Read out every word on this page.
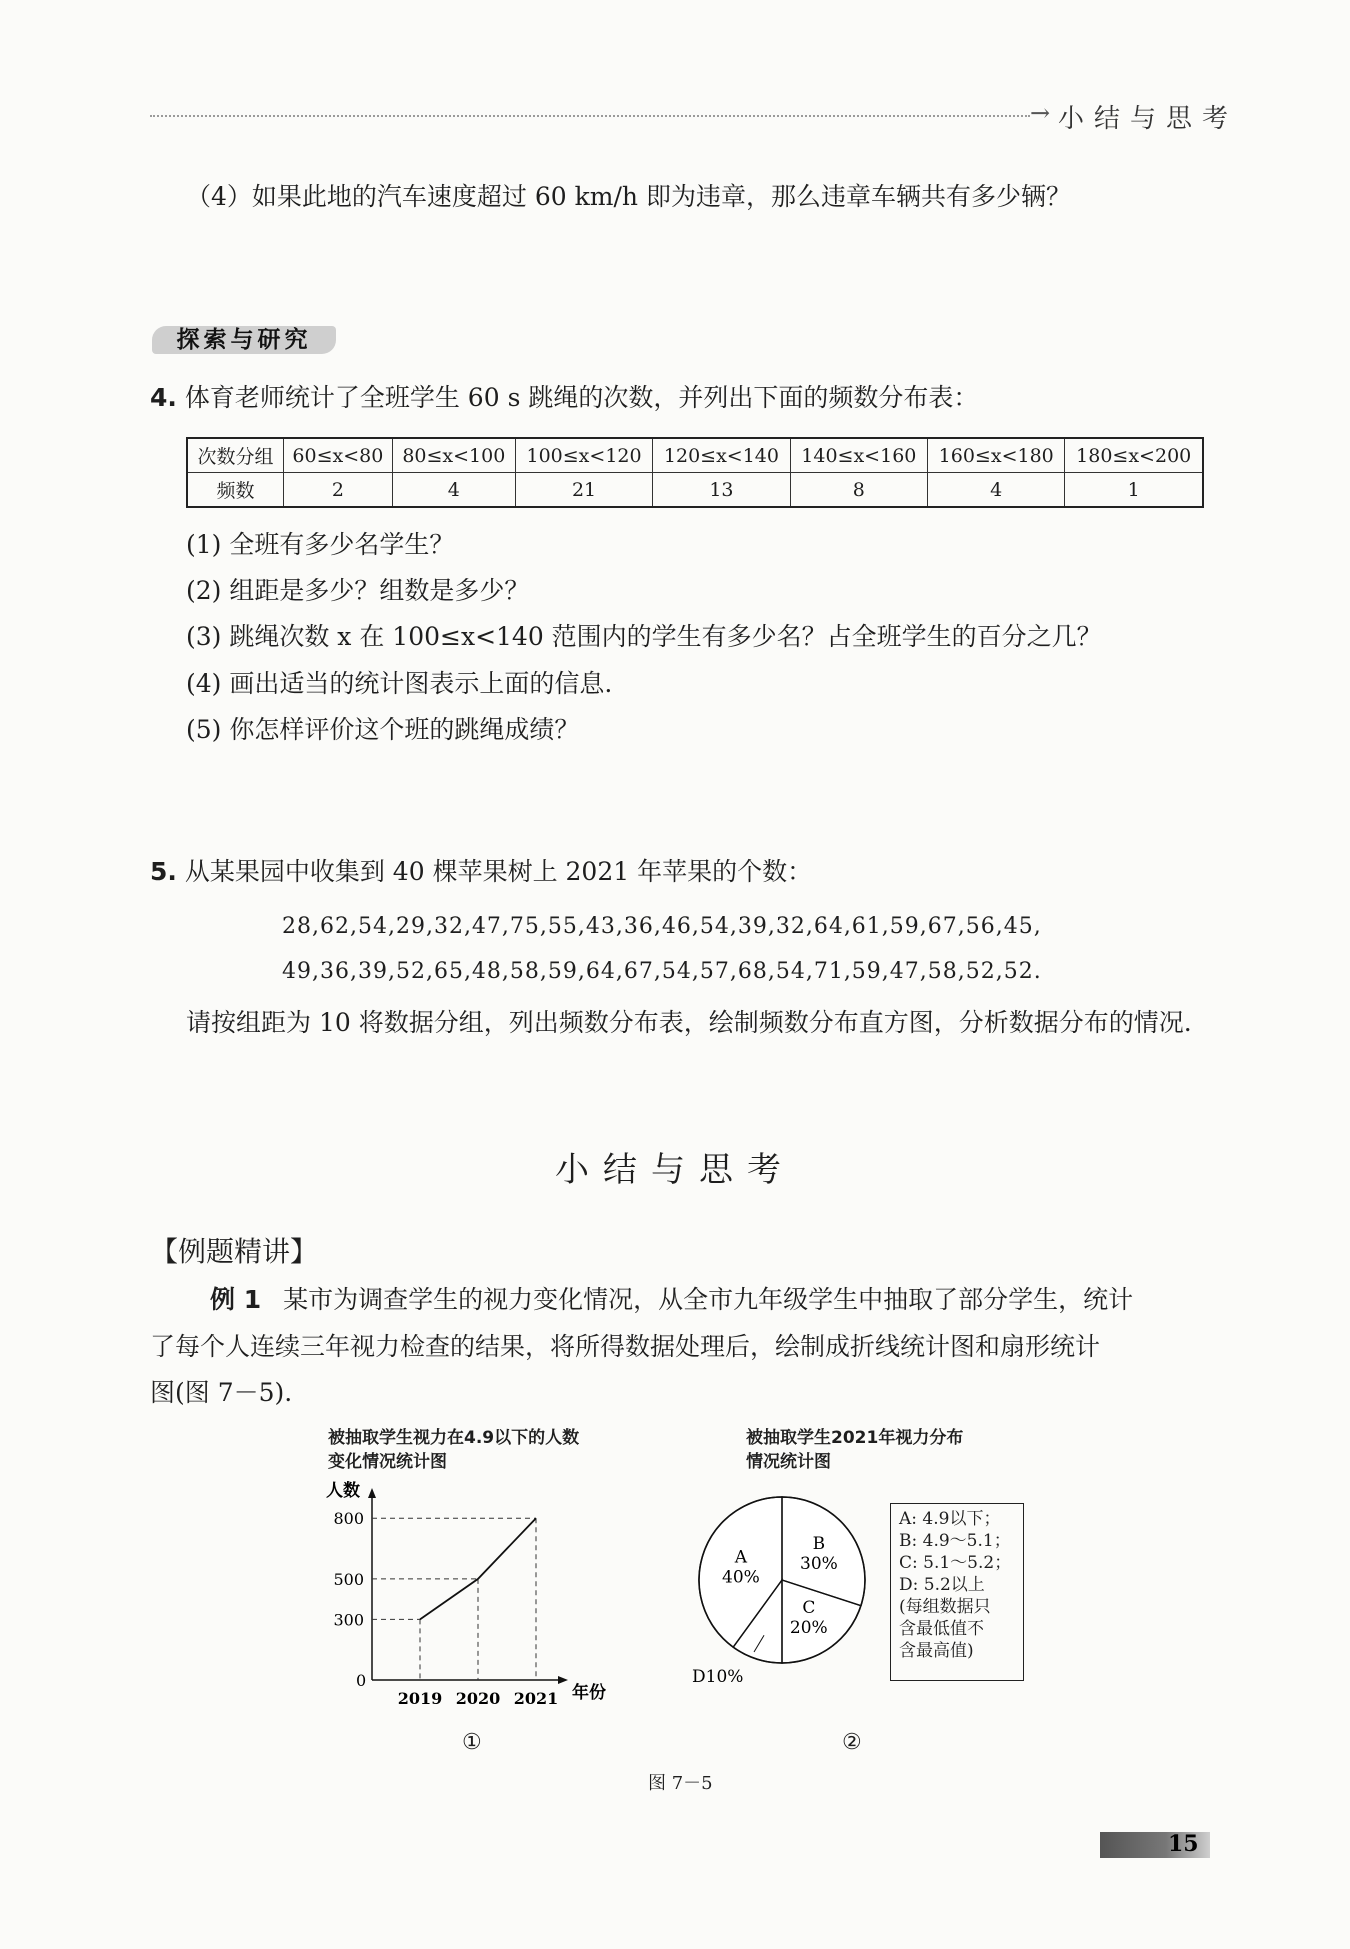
→ 小结与思考
（4）如果此地的汽车速度超过 60 km/h 即为违章，那么违章车辆共有多少辆？
探索与研究
4. 体育老师统计了全班学生 60 s 跳绳的次数，并列出下面的频数分布表：
次数分组	60≤x<80	80≤x<100	100≤x<120	120≤x<140	140≤x<160	160≤x<180	180≤x<200
频数	2	4	21	13	8	4	1
(1) 全班有多少名学生？
(2) 组距是多少？组数是多少？
(3) 跳绳次数 x 在 100≤x<140 范围内的学生有多少名？占全班学生的百分之几？
(4) 画出适当的统计图表示上面的信息.
(5) 你怎样评价这个班的跳绳成绩？
5. 从某果园中收集到 40 棵苹果树上 2021 年苹果的个数：
28,62,54,29,32,47,75,55,43,36,46,54,39,32,64,61,59,67,56,45,
49,36,39,52,65,48,58,59,64,67,54,57,68,54,71,59,47,58,52,52.
请按组距为 10 将数据分组，列出频数分布表，绘制频数分布直方图，分析数据分布的情况.
小结与思考
【例题精讲】
例 1 某市为调查学生的视力变化情况，从全市九年级学生中抽取了部分学生，统计
了每个人连续三年视力检查的结果，将所得数据处理后，绘制成折线统计图和扇形统计
图(图 7－5).
被抽取学生视力在4.9以下的人数
变化情况统计图
人数
年份
0
300
500
800
2019 2020 2021
被抽取学生2021年视力分布
情况统计图
B
30%
C
20%
D10%
A
40%
A: 4.9以下；
B: 4.9～5.1；
C: 5.1～5.2；
D: 5.2以上
(每组数据只
含最低值不
含最高值)
①	②
图 7－5
15
